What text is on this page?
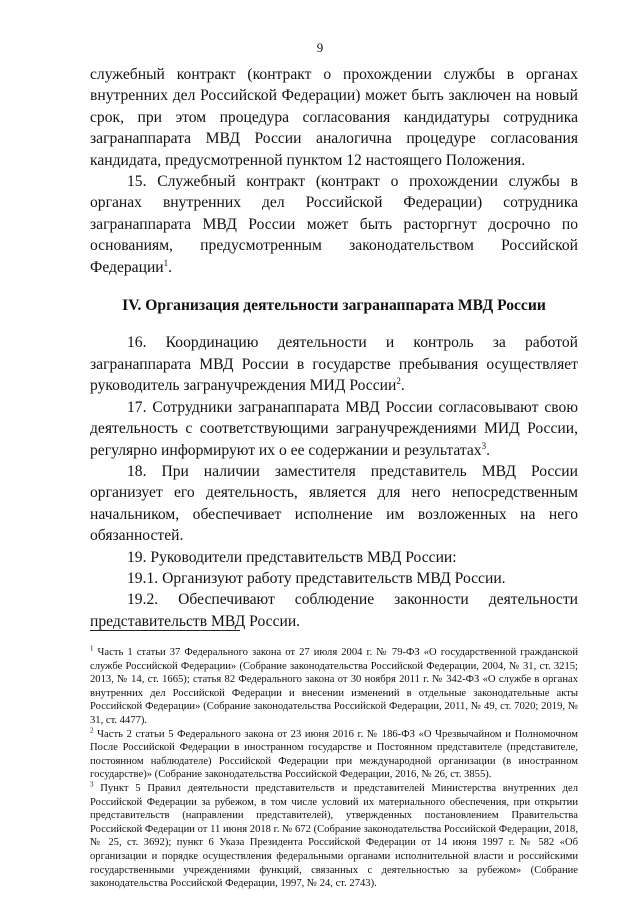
9

служебный контракт (контракт о прохождении службы в органах внутренних дел Российской Федерации) может быть заключен на новый срок, при этом процедура согласования кандидатуры сотрудника загранаппарата МВД России аналогична процедуре согласования кандидата, предусмотренной пунктом 12 настоящего Положения.

15. Служебный контракт (контракт о прохождении службы в органах внутренних дел Российской Федерации) сотрудника загранаппарата МВД России может быть расторгнут досрочно по основаниям, предусмотренным законодательством Российской Федерации$^1$.

IV. Организация деятельности загранаппарата МВД России

16. Координацию деятельности и контроль за работой загранаппарата МВД России в государстве пребывания осуществляет руководитель загранучреждения МИД России$^2$.

17. Сотрудники загранаппарата МВД России согласовывают свою деятельность с соответствующими загранучреждениями МИД России, регулярно информируют их о ее содержании и результатах$^3$.

18. При наличии заместителя представитель МВД России организует его деятельность, является для него непосредственным начальником, обеспечивает исполнение им возложенных на него обязанностей.

19. Руководители представительств МВД России:

19.1. Организуют работу представительств МВД России.

19.2. Обеспечивают соблюдение законности деятельности представительств МВД России.

$^1$ Часть 1 статьи 37 Федерального закона от 27 июля 2004 г. № 79-ФЗ «О государственной гражданской службе Российской Федерации» (Собрание законодательства Российской Федерации, 2004, № 31, ст. 3215; 2013, № 14, ст. 1665); статья 82 Федерального закона от 30 ноября 2011 г. № 342-ФЗ «О службе в органах внутренних дел Российской Федерации и внесении изменений в отдельные законодательные акты Российской Федерации» (Собрание законодательства Российской Федерации, 2011, № 49, ст. 7020; 2019, № 31, ст. 4477).

$^2$ Часть 2 статьи 5 Федерального закона от 23 июня 2016 г. № 186-ФЗ «О Чрезвычайном и Полномочном После Российской Федерации в иностранном государстве и Постоянном представителе (представителе, постоянном наблюдателе) Российской Федерации при международной организации (в иностранном государстве)» (Собрание законодательства Российской Федерации, 2016, № 26, ст. 3855).

$^3$ Пункт 5 Правил деятельности представительств и представителей Министерства внутренних дел Российской Федерации за рубежом, в том числе условий их материального обеспечения, при открытии представительств (направлении представителей), утвержденных постановлением Правительства Российской Федерации от 11 июня 2018 г. № 672 (Собрание законодательства Российской Федерации, 2018, № 25, ст. 3692); пункт 6 Указа Президента Российской Федерации от 14 июня 1997 г. № 582 «Об организации и порядке осуществления федеральными органами исполнительной власти и российскими государственными учреждениями функций, связанных с деятельностью за рубежом» (Собрание законодательства Российской Федерации, 1997, № 24, ст. 2743).
